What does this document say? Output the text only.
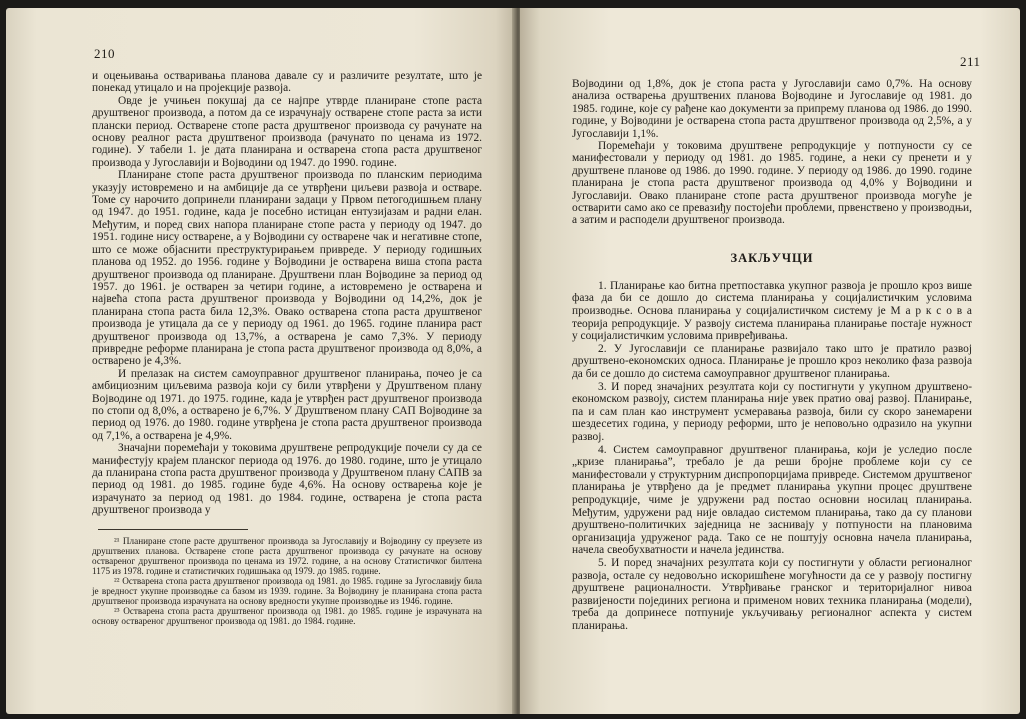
210

и оцењивања остваривања планова давале су и различите резултате, што је понекад утицало и на пројекције развоја.

Овде је учињен покушај да се најпре утврде планиране стопе раста друштвеног производа, а потом да се израчунају остварене стопе раста за исти плански период. Остварене стопе раста друштвеног производа су рачунате на основу реалног раста друштвеног производа (рачунато по ценама из 1972. године). У табели 1. је дата планирана и остварена стопа раста друштвеног производа у Југославији и Војводини од 1947. до 1990. године.

Планиране стопе раста друштвеног производа по планским периодима указују истовремено и на амбиције да се утврђени циљеви развоја и остваре. Томе су нарочито допринели планирани задаци у Првом петогодишњем плану од 1947. до 1951. године, када је посебно истицан ентузијазам и радни елан. Међутим, и поред свих напора планиране стопе раста у периоду од 1947. до 1951. године нису остварене, а у Војводини су остварене чак и негативне стопе, што се може објаснити преструктурирањем привреде. У периоду годишњих планова од 1952. до 1956. године у Војводини је остварена виша стопа раста друштвеног производа од планиране. Друштвени план Војводине за период од 1957. до 1961. је остварен за четири године, а истовремено је остварена и највећа стопа раста друштвеног производа у Војводини од 14,2%, док је планирана стопа раста била 12,3%. Овако остварена стопа раста друштвеног производа је утицала да се у периоду од 1961. до 1965. године планира раст друштвеног производа од 13,7%, а остварена је само 7,3%. У периоду привредне реформе планирана је стопа раста друштвеног производа од 8,0%, а остварено је 4,3%.

И прелазак на систем самоуправног друштвеног планирања, почео је са амбициозним циљевима развоја који су били утврђени у Друштвеном плану Војводине од 1971. до 1975. године, када је утврђен раст друштвеног производа по стопи од 8,0%, а остварено је 6,7%. У Друштвеном плану САП Војводине за период од 1976. до 1980. године утврђена је стопа раста друштвеног производа од 7,1%, а остварена је 4,9%.

Значајни поремећаји у токовима друштвене репродукције почели су да се манифестују крајем планског периода од 1976. до 1980. године, што је утицало да планирана стопа раста друштвеног производа у Друштвеном плану САПВ за период од 1981. до 1985. године буде 4,6%. На основу остварења које је израчунато за период од 1981. до 1984. године, остварена је стопа раста друштвеног производа у

²¹ Планиране стопе расте друштвеног производа за Југославију и Војводину су преузете из друштвених планова. Остварене стопе раста друштвеног производа су рачунате на основу оствареног друштвеног производа по ценама из 1972. године, а на основу Статистичког билтена 1175 из 1978. године и статистичких годишњака од 1979. до 1985. године.

²² Остварена стопа раста друштвеног производа од 1981. до 1985. године за Југославију била је вредност укупне производње са базом из 1939. године. За Војводину је планирана стопа раста друштвеног производа израчуната на основу вредности укупне производње из 1946. године.

²³ Остварена стопа раста друштвеног производа од 1981. до 1985. године је израчуната на основу оствареног друштвеног производа од 1981. до 1984. године.

211

Војводини од 1,8%, док је стопа раста у Југославији само 0,7%. На основу анализа остварења друштвених планова Војводине и Југославије од 1981. до 1985. године, које су рађене као документи за припрему планова од 1986. до 1990. године, у Војводини је остварена стопа раста друштвеног производа од 2,5%, а у Југославији 1,1%.

Поремећаји у токовима друштвене репродукције у потпуности су се манифестовали у периоду од 1981. до 1985. године, а неки су пренети и у друштвене планове од 1986. до 1990. године. У периоду од 1986. до 1990. године планирана је стопа раста друштвеног производа од 4,0% у Војводини и Југославији. Овако планиране стопе раста друштвеног производа могуће је остварити само ако се превазиђу постојећи проблеми, првенствено у производњи, а затим и расподели друштвеног производа.

ЗАКЉУЧЦИ

1. Планирање као битна претпоставка укупног развоја је прошло кроз више фаза да би се дошло до система планирања у социјалистичким условима производње. Основа планирања у социјалистичком систему је М а р к с о в а теорија репродукције. У развоју система планирања планирање постаје нужност у социјалистичким условима привређивања.

2. У Југославији се планирање развијало тако што је пратило развој друштвено-економских односа. Планирање је прошло кроз неколико фаза развоја да би се дошло до система самоуправног друштвеног планирања.

3. И поред значајних резултата који су постигнути у укупном друштвено-економском развоју, систем планирања није увек пратио овај развој. Планирање, па и сам план као инструмент усмеравања развоја, били су скоро занемарени шездесетих година, у периоду реформи, што је неповољно одразило на укупни развој.

4. Систем самоуправног друштвеног планирања, који је уследио после „кризе планирања”, требало је да реши бројне проблеме који су се манифестовали у структурним диспропорцијама привреде. Системом друштвеног планирања је утврђено да је предмет планирања укупни процес друштвене репродукције, чиме је удружени рад постао основни носилац планирања. Међутим, удружени рад није овладао системом планирања, тако да су планови друштвено-политичких заједница не заснивају у потпуности на плановима организација удруженог рада. Тако се не поштују основна начела планирања, начела свеобухватности и начела јединства.

5. И поред значајних резултата који су постигнути у области регионалног развоја, остале су недовољно искоришћене могућности да се у развоју постигну друштвене рационалности. Утврђивање гранског и територијалног нивоа развијености појединих региона и применом нових техника планирања (модели), треба да допринесе потпуније укључивању регионалног аспекта у систем планирања.
